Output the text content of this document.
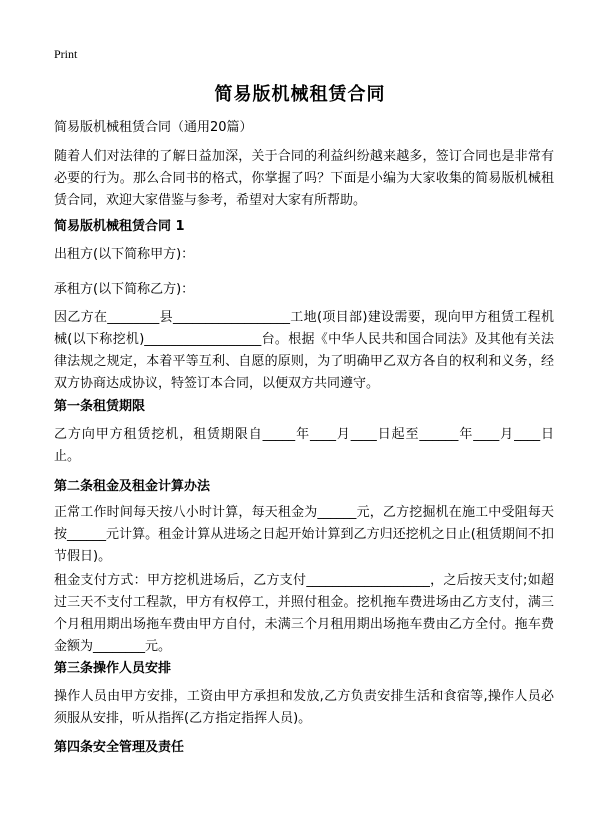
Print
简易版机械租赁合同
简易版机械租赁合同（通用20篇）
随着人们对法律的了解日益加深，关于合同的利益纠纷越来越多，签订合同也是非常有必要的行为。那么合同书的格式，你掌握了吗？下面是小编为大家收集的简易版机械租赁合同，欢迎大家借鉴与参考，希望对大家有所帮助。
简易版机械租赁合同 1
出租方(以下简称甲方)：
承租方(以下简称乙方)：
因乙方在________县__________________工地(项目部)建设需要，现向甲方租赁工程机械(以下称挖机)__________________台。根据《中华人民共和国合同法》及其他有关法律法规之规定，本着平等互利、自愿的原则，为了明确甲乙双方各自的权利和义务，经双方协商达成协议，特签订本合同，以便双方共同遵守。
第一条租赁期限
乙方向甲方租赁挖机，租赁期限自_____年____月____日起至______年____月____日止。
第二条租金及租金计算办法
正常工作时间每天按八小时计算，每天租金为______元，乙方挖掘机在施工中受阻每天按______元计算。租金计算从进场之日起开始计算到乙方归还挖机之日止(租赁期间不扣节假日)。
租金支付方式：甲方挖机进场后，乙方支付___________________，之后按天支付;如超过三天不支付工程款，甲方有权停工，并照付租金。挖机拖车费进场由乙方支付，满三个月租用期出场拖车费由甲方自付，未满三个月租用期出场拖车费由乙方全付。拖车费金额为________元。
第三条操作人员安排
操作人员由甲方安排，工资由甲方承担和发放,乙方负责安排生活和食宿等,操作人员必须服从安排，听从指挥(乙方指定指挥人员)。
第四条安全管理及责任
